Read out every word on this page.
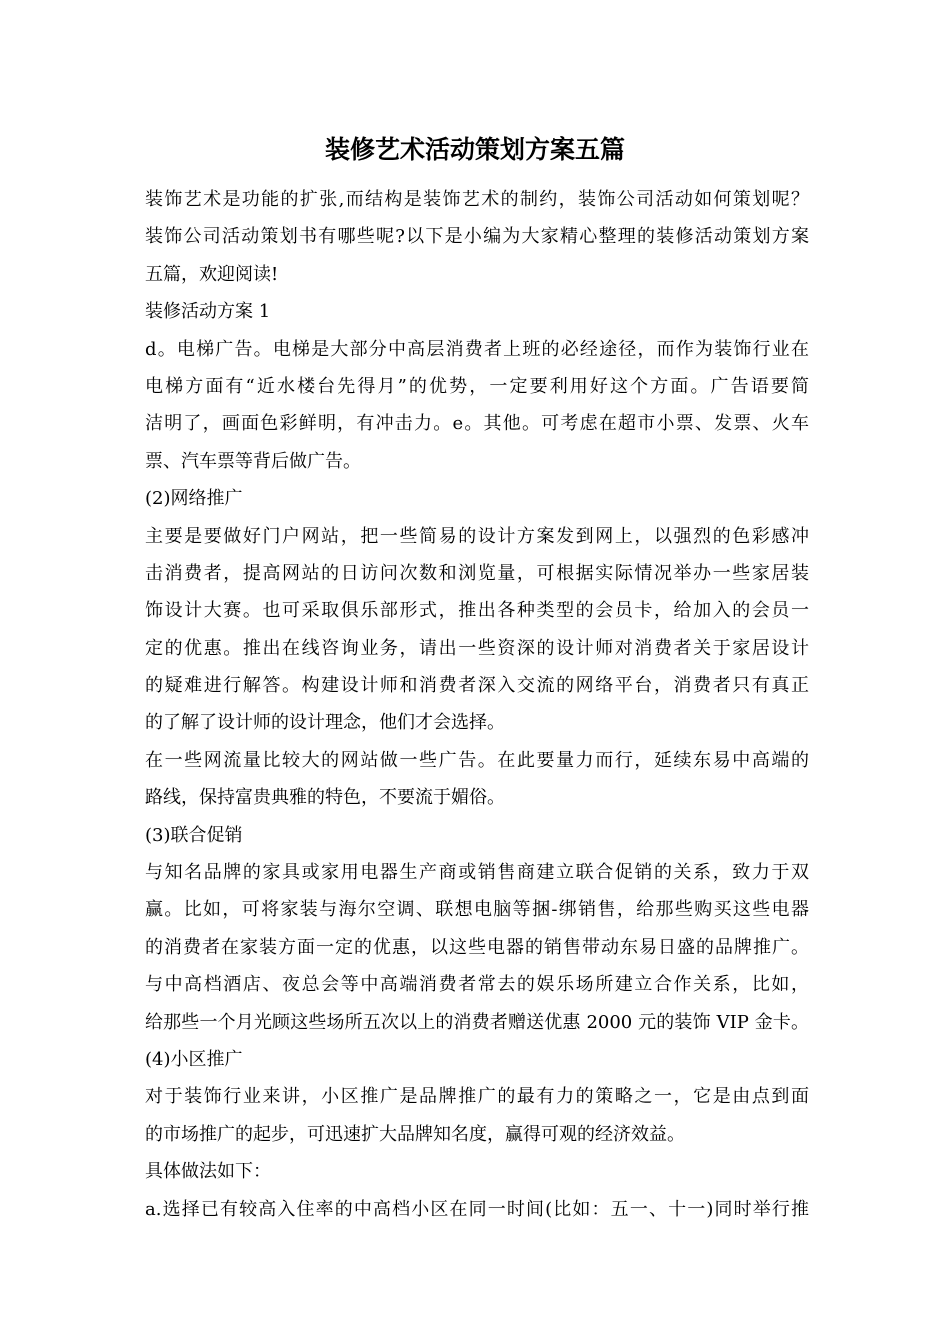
装修艺术活动策划方案五篇
装饰艺术是功能的扩张,而结构是装饰艺术的制约，装饰公司活动如何策划呢？
装饰公司活动策划书有哪些呢?以下是小编为大家精心整理的装修活动策划方案
五篇，欢迎阅读!
装修活动方案 1
d。电梯广告。电梯是大部分中高层消费者上班的必经途径，而作为装饰行业在
电梯方面有“近水楼台先得月”的优势，一定要利用好这个方面。广告语要简
洁明了，画面色彩鲜明，有冲击力。e。其他。可考虑在超市小票、发票、火车
票、汽车票等背后做广告。
(2)网络推广
主要是要做好门户网站，把一些简易的设计方案发到网上，以强烈的色彩感冲
击消费者，提高网站的日访问次数和浏览量，可根据实际情况举办一些家居装
饰设计大赛。也可采取俱乐部形式，推出各种类型的会员卡，给加入的会员一
定的优惠。推出在线咨询业务，请出一些资深的设计师对消费者关于家居设计
的疑难进行解答。构建设计师和消费者深入交流的网络平台，消费者只有真正
的了解了设计师的设计理念，他们才会选择。
在一些网流量比较大的网站做一些广告。在此要量力而行，延续东易中高端的
路线，保持富贵典雅的特色，不要流于媚俗。
(3)联合促销
与知名品牌的家具或家用电器生产商或销售商建立联合促销的关系，致力于双
赢。比如，可将家装与海尔空调、联想电脑等捆-绑销售，给那些购买这些电器
的消费者在家装方面一定的优惠，以这些电器的销售带动东易日盛的品牌推广。
与中高档酒店、夜总会等中高端消费者常去的娱乐场所建立合作关系，比如，
给那些一个月光顾这些场所五次以上的消费者赠送优惠 2000 元的装饰 VIP 金卡。
(4)小区推广
对于装饰行业来讲，小区推广是品牌推广的最有力的策略之一，它是由点到面
的市场推广的起步，可迅速扩大品牌知名度，赢得可观的经济效益。
具体做法如下：
a.选择已有较高入住率的中高档小区在同一时间(比如：五一、十一)同时举行推
